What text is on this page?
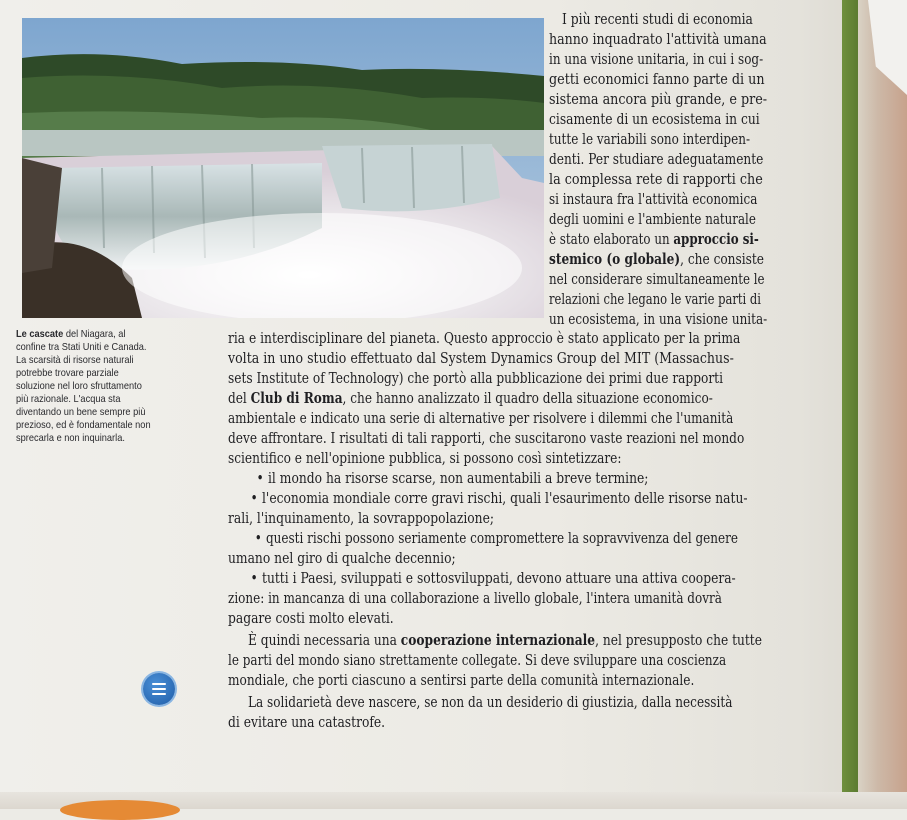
Le cascate del Niagara, al
confine tra Stati Uniti e Canada.
La scarsità di risorse naturali
potrebbe trovare parziale
soluzione nel loro sfruttamento
più razionale. L'acqua sta
diventando un bene sempre più
prezioso, ed è fondamentale non
sprecarla e non inquinarla.
I più recenti studi di economia
hanno inquadrato l'attività umana
in una visione unitaria, in cui i sog-
getti economici fanno parte di un
sistema ancora più grande, e pre-
cisamente di un ecosistema in cui
tutte le variabili sono interdipen-
denti. Per studiare adeguatamente
la complessa rete di rapporti che
si instaura fra l'attività economica
degli uomini e l'ambiente naturale
è stato elaborato un approccio si-
stemico (o globale), che consiste
nel considerare simultaneamente le
relazioni che legano le varie parti di
un ecosistema, in una visione unita-
ria e interdisciplinare del pianeta. Questo approccio è stato applicato per la prima
volta in uno studio effettuato dal System Dynamics Group del MIT (Massachus-
sets Institute of Technology) che portò alla pubblicazione dei primi due rapporti
del Club di Roma, che hanno analizzato il quadro della situazione economico-
ambientale e indicato una serie di alternative per risolvere i dilemmi che l'umanità
deve affrontare. I risultati di tali rapporti, che suscitarono vaste reazioni nel mondo
scientifico e nell'opinione pubblica, si possono così sintetizzare:
• il mondo ha risorse scarse, non aumentabili a breve termine;
• l'economia mondiale corre gravi rischi, quali l'esaurimento delle risorse natu-
rali, l'inquinamento, la sovrappopolazione;
• questi rischi possono seriamente compromettere la sopravvivenza del genere
umano nel giro di qualche decennio;
• tutti i Paesi, sviluppati e sottosviluppati, devono attuare una attiva coopera-
zione: in mancanza di una collaborazione a livello globale, l'intera umanità dovrà
pagare costi molto elevati.
È quindi necessaria una cooperazione internazionale, nel presupposto che tutte
le parti del mondo siano strettamente collegate. Si deve sviluppare una coscienza
mondiale, che porti ciascuno a sentirsi parte della comunità internazionale.
La solidarietà deve nascere, se non da un desiderio di giustizia, dalla necessità
di evitare una catastrofe.
